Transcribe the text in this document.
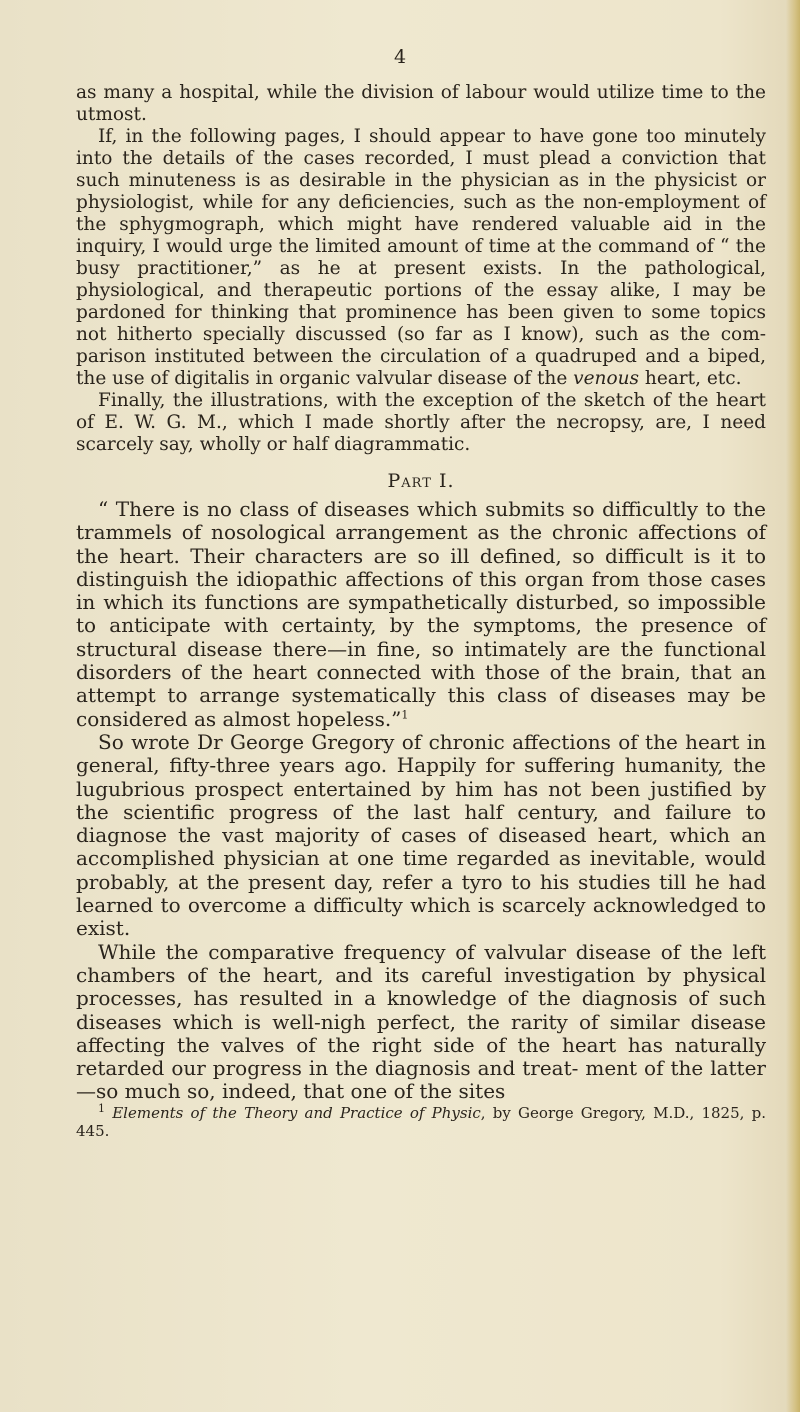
4

as many a hospital, while the division of labour would utilize time to the utmost.

If, in the following pages, I should appear to have gone too minutely into the details of the cases recorded, I must plead a conviction that such minuteness is as desirable in the physician as in the physicist or physiologist, while for any deficiencies, such as the non-employment of the sphygmograph, which might have rendered valuable aid in the inquiry, I would urge the limited amount of time at the command of “ the busy practitioner,” as he at present exists. In the pathological, physiological, and therapeutic portions of the essay alike, I may be pardoned for thinking that prominence has been given to some topics not hitherto specially discussed (so far as I know), such as the com- parison instituted between the circulation of a quadruped and a biped, the use of digitalis in organic valvular disease of the venous heart, etc.

Finally, the illustrations, with the exception of the sketch of the heart of E. W. G. M., which I made shortly after the necropsy, are, I need scarcely say, wholly or half diagrammatic.

Part I.

“ There is no class of diseases which submits so difficultly to the trammels of nosological arrangement as the chronic affections of the heart. Their characters are so ill defined, so difficult is it to distinguish the idiopathic affections of this organ from those cases in which its functions are sympathetically disturbed, so impossible to anticipate with certainty, by the symptoms, the presence of structural disease there—in fine, so intimately are the functional disorders of the heart connected with those of the brain, that an attempt to arrange systematically this class of diseases may be considered as almost hopeless.”$^1$

So wrote Dr George Gregory of chronic affections of the heart in general, fifty-three years ago. Happily for suffering humanity, the lugubrious prospect entertained by him has not been justified by the scientific progress of the last half century, and failure to diagnose the vast majority of cases of diseased heart, which an accomplished physician at one time regarded as inevitable, would probably, at the present day, refer a tyro to his studies till he had learned to overcome a difficulty which is scarcely acknowledged to exist.

While the comparative frequency of valvular disease of the left chambers of the heart, and its careful investigation by physical processes, has resulted in a knowledge of the diagnosis of such diseases which is well-nigh perfect, the rarity of similar disease affecting the valves of the right side of the heart has naturally retarded our progress in the diagnosis and treat- ment of the latter—so much so, indeed, that one of the sites

$^1$ Elements of the Theory and Practice of Physic, by George Gregory, M.D., 1825, p. 445.
